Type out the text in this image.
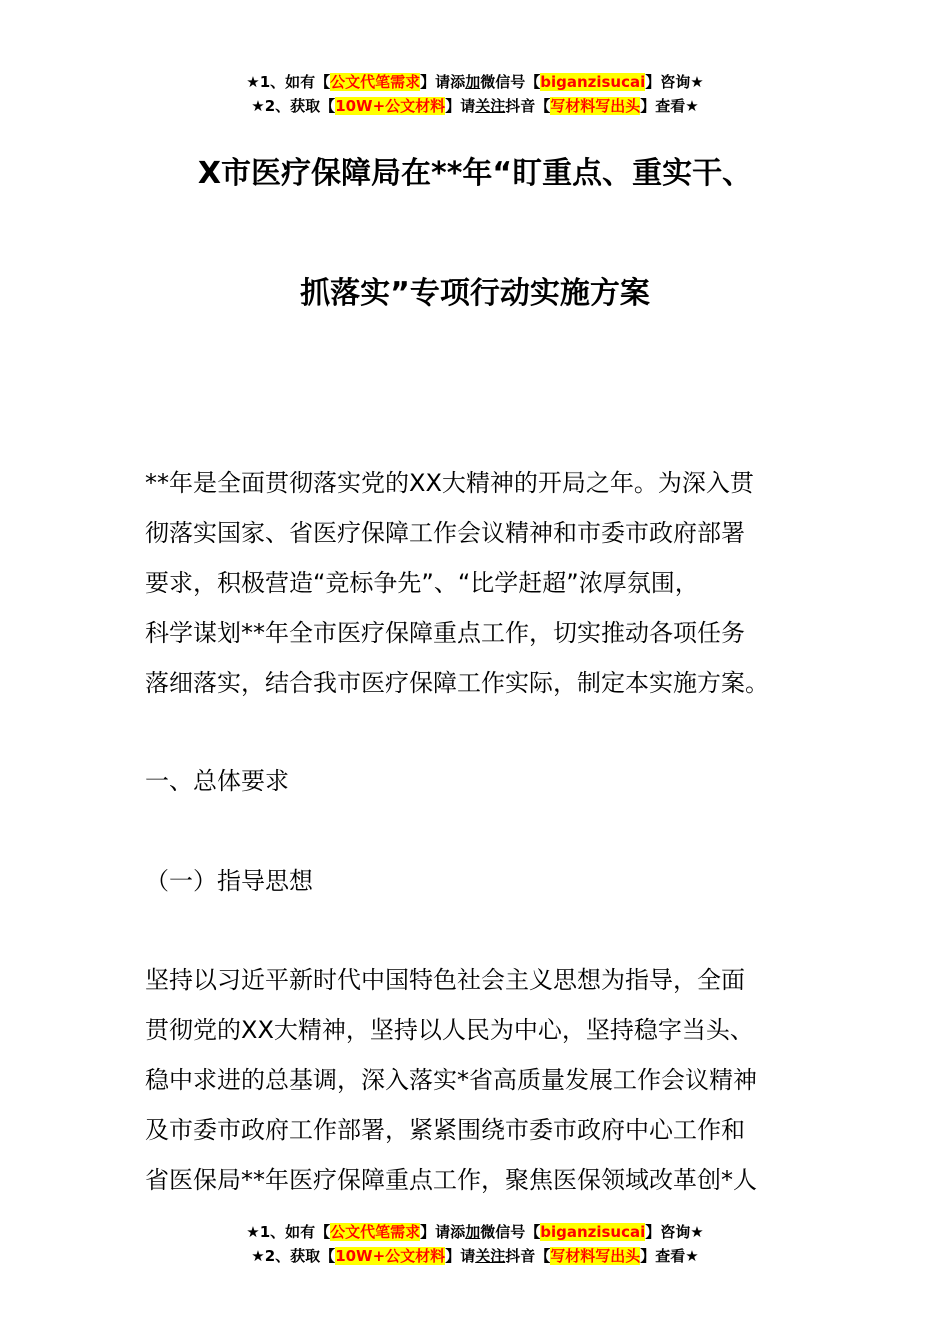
★1、如有【公文代笔需求】请添加微信号【biganzisucai】咨询★
★2、获取【10W+公文材料】请关注抖音【写材料写出头】查看★
X市医疗保障局在**年“盯重点、重实干、
抓落实”专项行动实施方案
**年是全面贯彻落实党的XX大精神的开局之年。为深入贯
彻落实国家、省医疗保障工作会议精神和市委市政府部署
要求，积极营造“竞标争先”、“比学赶超”浓厚氛围，
科学谋划**年全市医疗保障重点工作，切实推动各项任务
落细落实，结合我市医疗保障工作实际，制定本实施方案。
一、总体要求
（一）指导思想
坚持以习近平新时代中国特色社会主义思想为指导，全面
贯彻党的XX大精神，坚持以人民为中心，坚持稳字当头、
稳中求进的总基调，深入落实*省高质量发展工作会议精神
及市委市政府工作部署，紧紧围绕市委市政府中心工作和
省医保局**年医疗保障重点工作，聚焦医保领域改革创*人
★1、如有【公文代笔需求】请添加微信号【biganzisucai】咨询★
★2、获取【10W+公文材料】请关注抖音【写材料写出头】查看★
